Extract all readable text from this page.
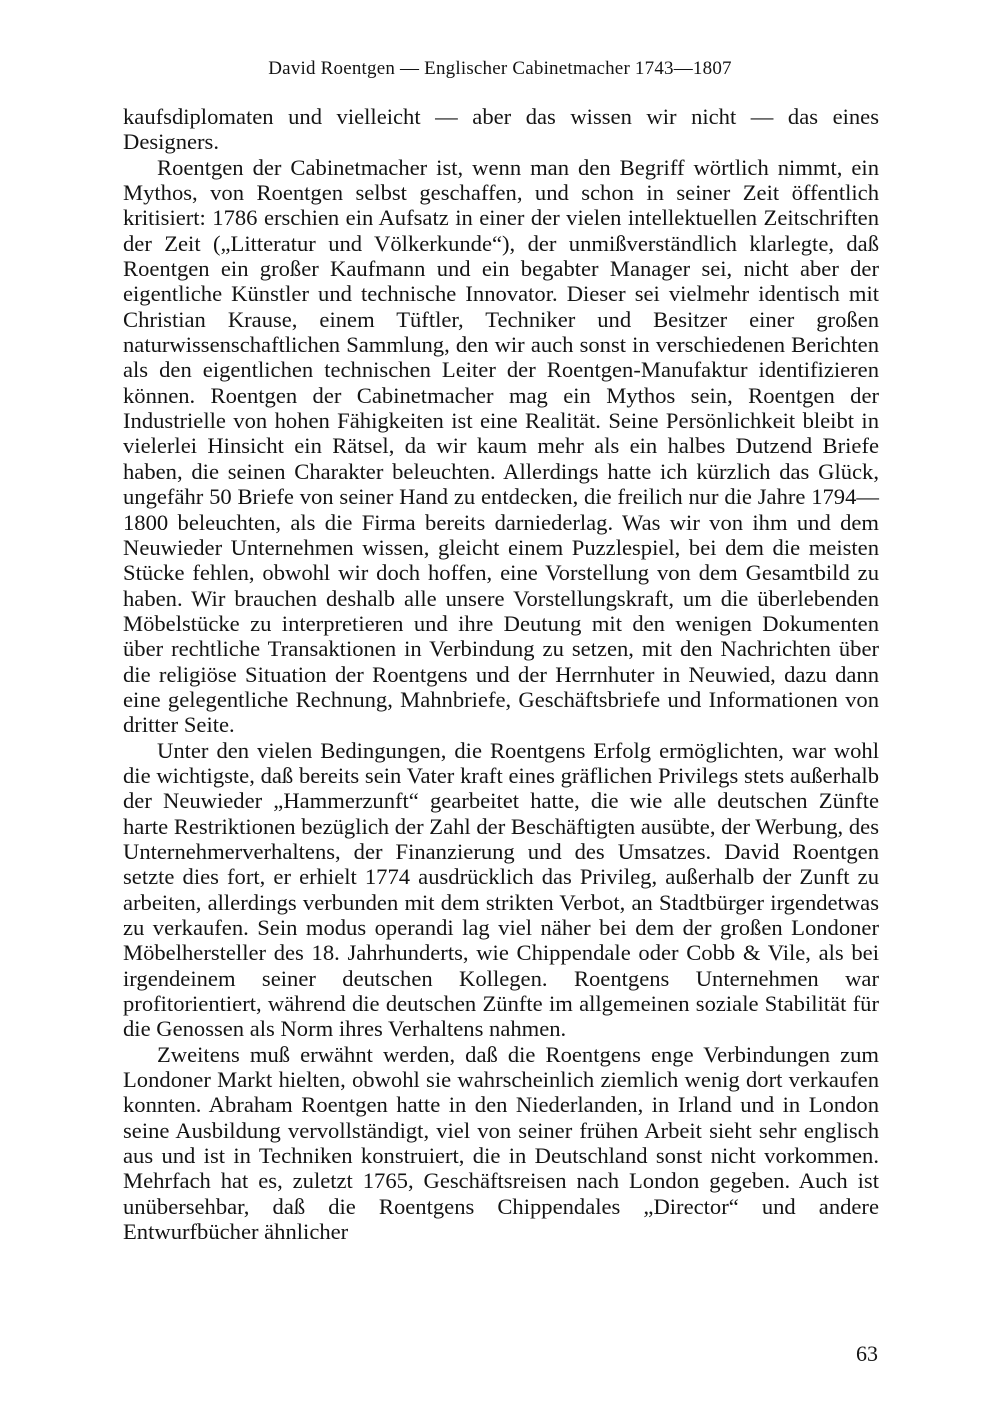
David Roentgen — Englischer Cabinetmacher 1743—1807

kaufsdiplomaten und vielleicht — aber das wissen wir nicht — das eines Designers.

Roentgen der Cabinetmacher ist, wenn man den Begriff wörtlich nimmt, ein Mythos, von Roentgen selbst geschaffen, und schon in seiner Zeit öffentlich kritisiert: 1786 erschien ein Aufsatz in einer der vielen intellektuellen Zeitschriften der Zeit („Litteratur und Völkerkunde“), der unmißverständlich klarlegte, daß Roentgen ein großer Kaufmann und ein begabter Manager sei, nicht aber der eigentliche Künstler und technische Innovator. Dieser sei vielmehr identisch mit Christian Krause, einem Tüftler, Techniker und Besitzer einer großen naturwissenschaftlichen Sammlung, den wir auch sonst in verschiedenen Berichten als den eigentlichen technischen Leiter der Roentgen-Manufaktur identifizieren können. Roentgen der Cabinetmacher mag ein Mythos sein, Roentgen der Industrielle von hohen Fähigkeiten ist eine Realität. Seine Persönlichkeit bleibt in vielerlei Hinsicht ein Rätsel, da wir kaum mehr als ein halbes Dutzend Briefe haben, die seinen Charakter beleuchten. Allerdings hatte ich kürzlich das Glück, ungefähr 50 Briefe von seiner Hand zu entdecken, die freilich nur die Jahre 1794—1800 beleuchten, als die Firma bereits darniederlag. Was wir von ihm und dem Neuwieder Unternehmen wissen, gleicht einem Puzzlespiel, bei dem die meisten Stücke fehlen, obwohl wir doch hoffen, eine Vorstellung von dem Gesamtbild zu haben. Wir brauchen deshalb alle unsere Vorstellungskraft, um die überlebenden Möbelstücke zu interpretieren und ihre Deutung mit den wenigen Dokumenten über rechtliche Transaktionen in Verbindung zu setzen, mit den Nachrichten über die religiöse Situation der Roentgens und der Herrnhuter in Neuwied, dazu dann eine gelegentliche Rechnung, Mahnbriefe, Geschäftsbriefe und Informationen von dritter Seite.

Unter den vielen Bedingungen, die Roentgens Erfolg ermöglichten, war wohl die wichtigste, daß bereits sein Vater kraft eines gräflichen Privilegs stets außerhalb der Neuwieder „Hammerzunft“ gearbeitet hatte, die wie alle deutschen Zünfte harte Restriktionen bezüglich der Zahl der Beschäftigten ausübte, der Werbung, des Unternehmerverhaltens, der Finanzierung und des Umsatzes. David Roentgen setzte dies fort, er erhielt 1774 ausdrücklich das Privileg, außerhalb der Zunft zu arbeiten, allerdings verbunden mit dem strikten Verbot, an Stadtbürger irgendetwas zu verkaufen. Sein modus operandi lag viel näher bei dem der großen Londoner Möbelhersteller des 18. Jahrhunderts, wie Chippendale oder Cobb & Vile, als bei irgendeinem seiner deutschen Kollegen. Roentgens Unternehmen war profitorientiert, während die deutschen Zünfte im allgemeinen soziale Stabilität für die Genossen als Norm ihres Verhaltens nahmen.

Zweitens muß erwähnt werden, daß die Roentgens enge Verbindungen zum Londoner Markt hielten, obwohl sie wahrscheinlich ziemlich wenig dort verkaufen konnten. Abraham Roentgen hatte in den Niederlanden, in Irland und in London seine Ausbildung vervollständigt, viel von seiner frühen Arbeit sieht sehr englisch aus und ist in Techniken konstruiert, die in Deutschland sonst nicht vorkommen. Mehrfach hat es, zuletzt 1765, Geschäftsreisen nach London gegeben. Auch ist unübersehbar, daß die Roentgens Chippendales „Director“ und andere Entwurfbücher ähnlicher

63
